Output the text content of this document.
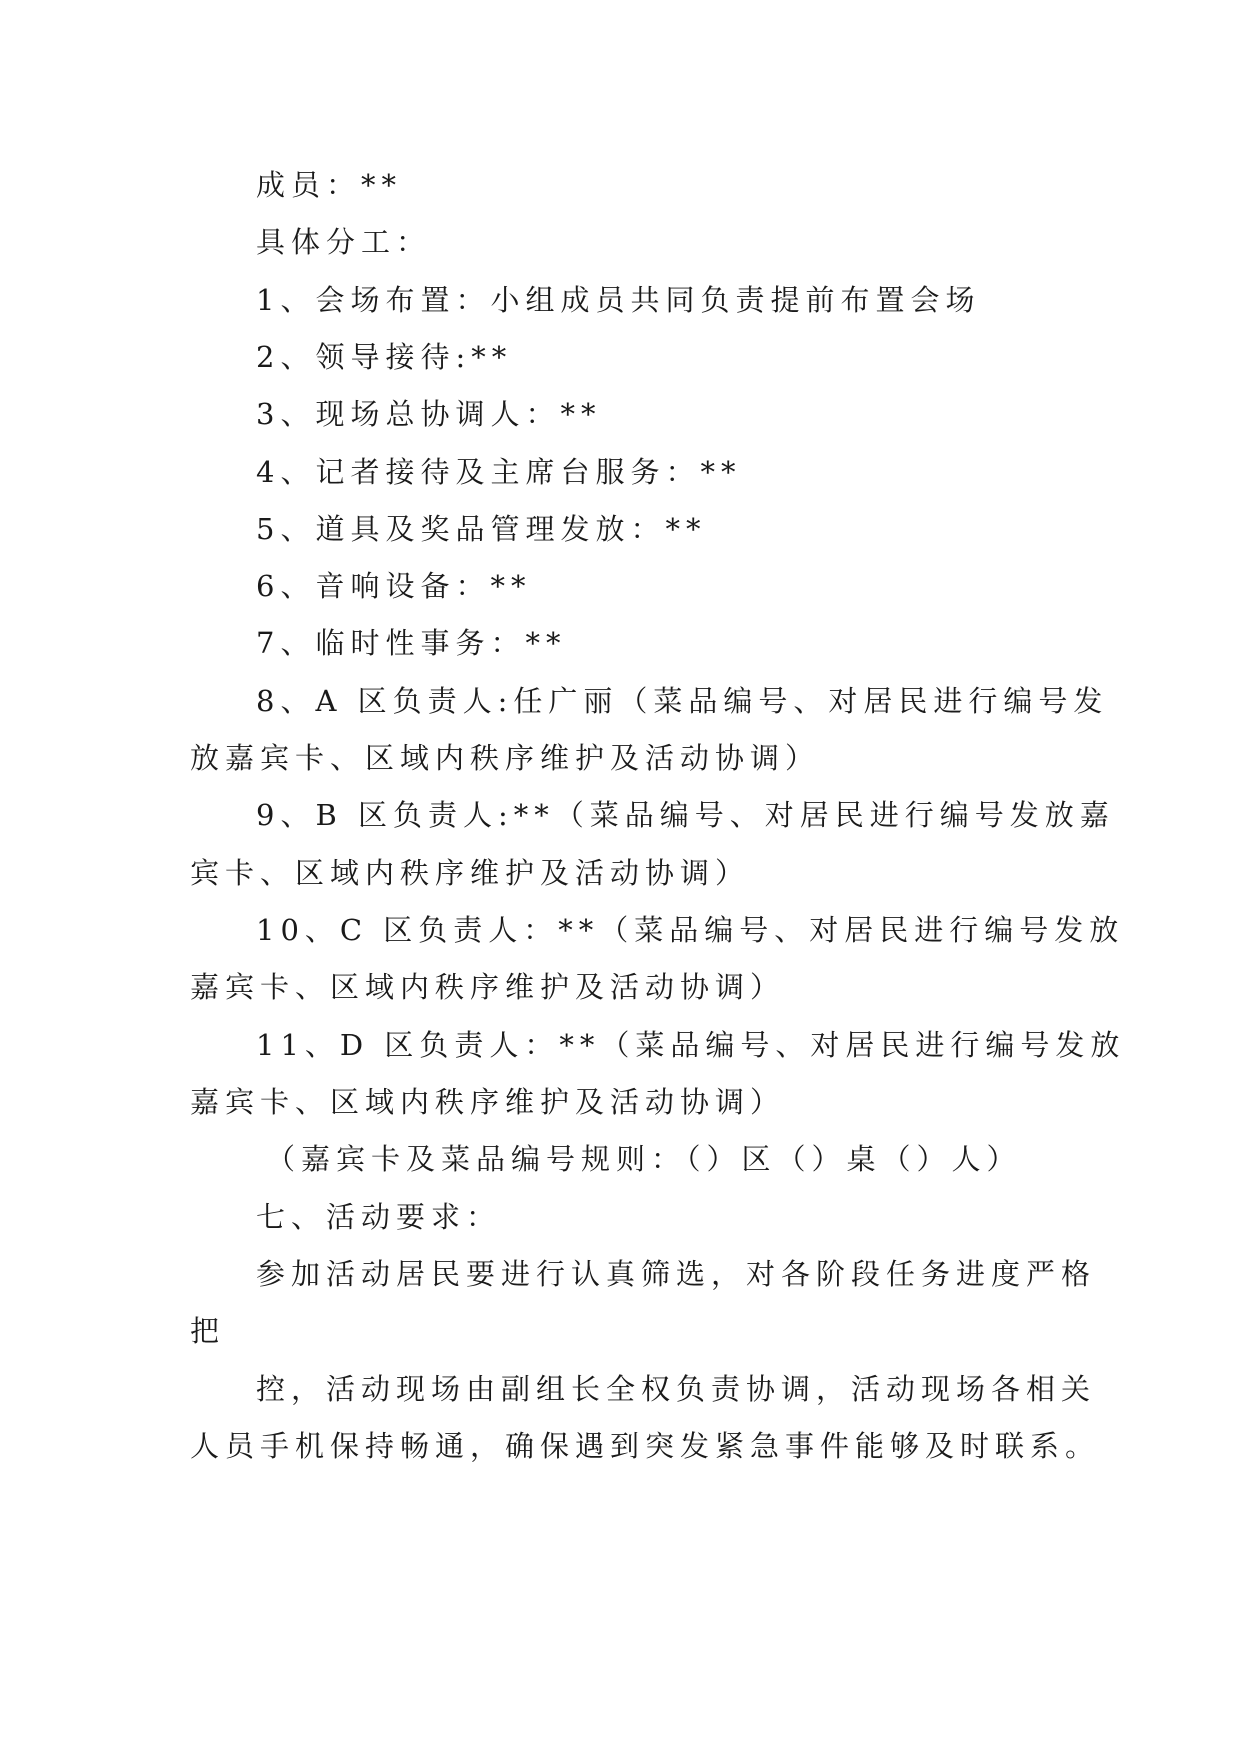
成员：**
具体分工：
1、会场布置：小组成员共同负责提前布置会场
2、领导接待:**
3、现场总协调人：**
4、记者接待及主席台服务：**
5、道具及奖品管理发放：**
6、音响设备：**
7、临时性事务：**
8、A 区负责人:任广丽（菜品编号、对居民进行编号发
放嘉宾卡、区域内秩序维护及活动协调）
9、B 区负责人:**（菜品编号、对居民进行编号发放嘉
宾卡、区域内秩序维护及活动协调）
10、C 区负责人：**（菜品编号、对居民进行编号发放
嘉宾卡、区域内秩序维护及活动协调）
11、D 区负责人：**（菜品编号、对居民进行编号发放
嘉宾卡、区域内秩序维护及活动协调）
（嘉宾卡及菜品编号规则：（）区（）桌（）人）
七、活动要求：
参加活动居民要进行认真筛选，对各阶段任务进度严格
把
控，活动现场由副组长全权负责协调，活动现场各相关
人员手机保持畅通，确保遇到突发紧急事件能够及时联系。
